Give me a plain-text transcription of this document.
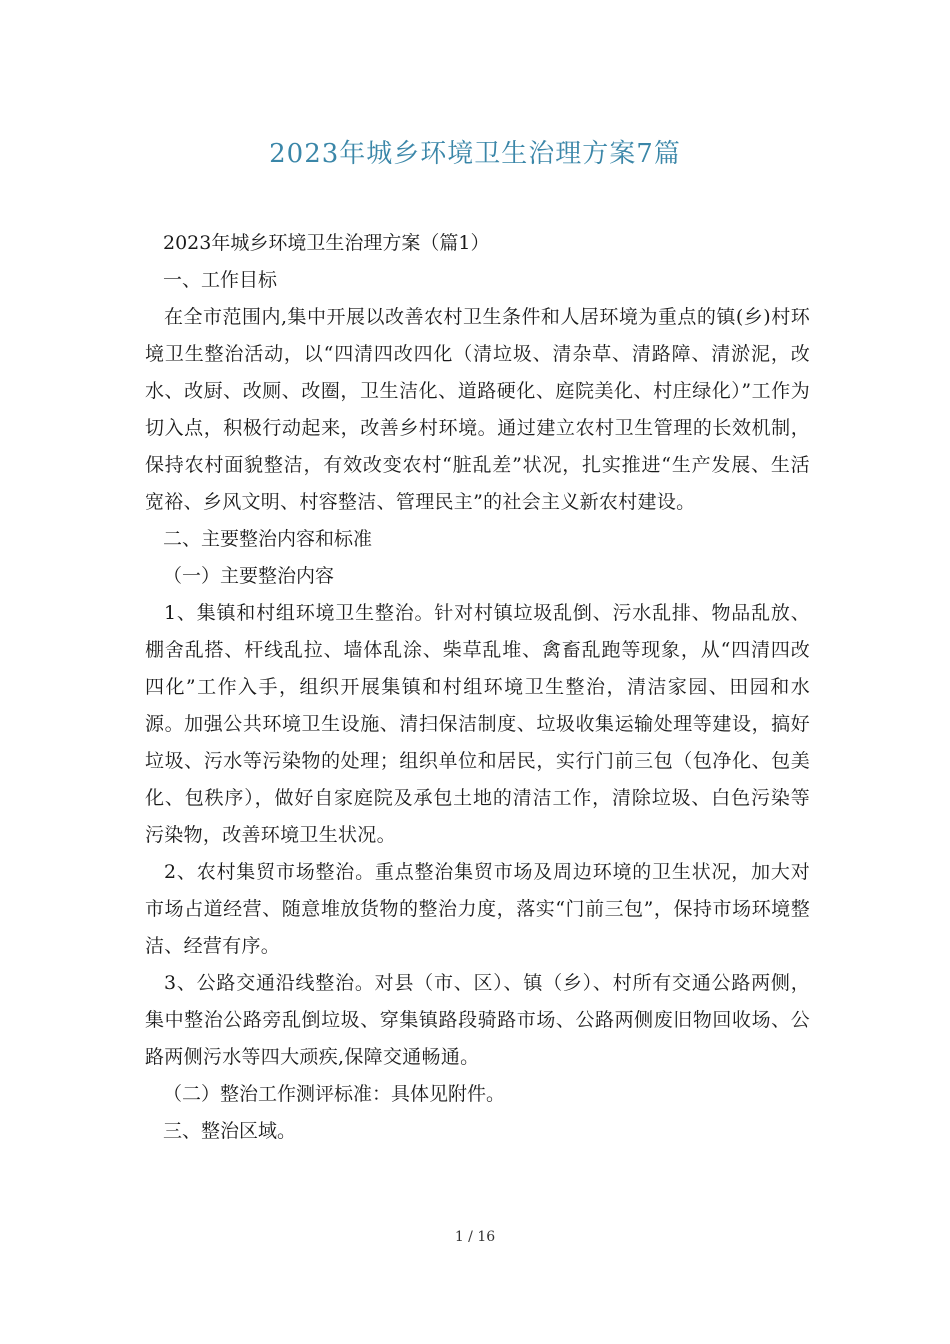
2023年城乡环境卫生治理方案7篇
2023年城乡环境卫生治理方案（篇1）
一、工作目标

在全市范围内,集中开展以改善农村卫生条件和人居环境为重点的镇(乡)村环境卫生整治活动，以“四清四改四化（清垃圾、清杂草、清路障、清淤泥，改水、改厨、改厕、改圈，卫生洁化、道路硬化、庭院美化、村庄绿化）”工作为切入点，积极行动起来，改善乡村环境。通过建立农村卫生管理的长效机制，保持农村面貌整洁，有效改变农村“脏乱差”状况，扎实推进“生产发展、生活宽裕、乡风文明、村容整洁、管理民主”的社会主义新农村建设。

二、主要整治内容和标准
（一）主要整治内容

1、集镇和村组环境卫生整治。针对村镇垃圾乱倒、污水乱排、物品乱放、棚舍乱搭、杆线乱拉、墙体乱涂、柴草乱堆、禽畜乱跑等现象，从“四清四改四化”工作入手，组织开展集镇和村组环境卫生整治，清洁家园、田园和水源。加强公共环境卫生设施、清扫保洁制度、垃圾收集运输处理等建设，搞好垃圾、污水等污染物的处理；组织单位和居民，实行门前三包（包净化、包美化、包秩序），做好自家庭院及承包土地的清洁工作，清除垃圾、白色污染等污染物，改善环境卫生状况。

2、农村集贸市场整治。重点整治集贸市场及周边环境的卫生状况，加大对市场占道经营、随意堆放货物的整治力度，落实“门前三包”，保持市场环境整洁、经营有序。

3、公路交通沿线整治。对县（市、区）、镇（乡）、村所有交通公路两侧，集中整治公路旁乱倒垃圾、穿集镇路段骑路市场、公路两侧废旧物回收场、公路两侧污水等四大顽疾,保障交通畅通。

（二）整治工作测评标准：具体见附件。
三、整治区域。
1 / 16
